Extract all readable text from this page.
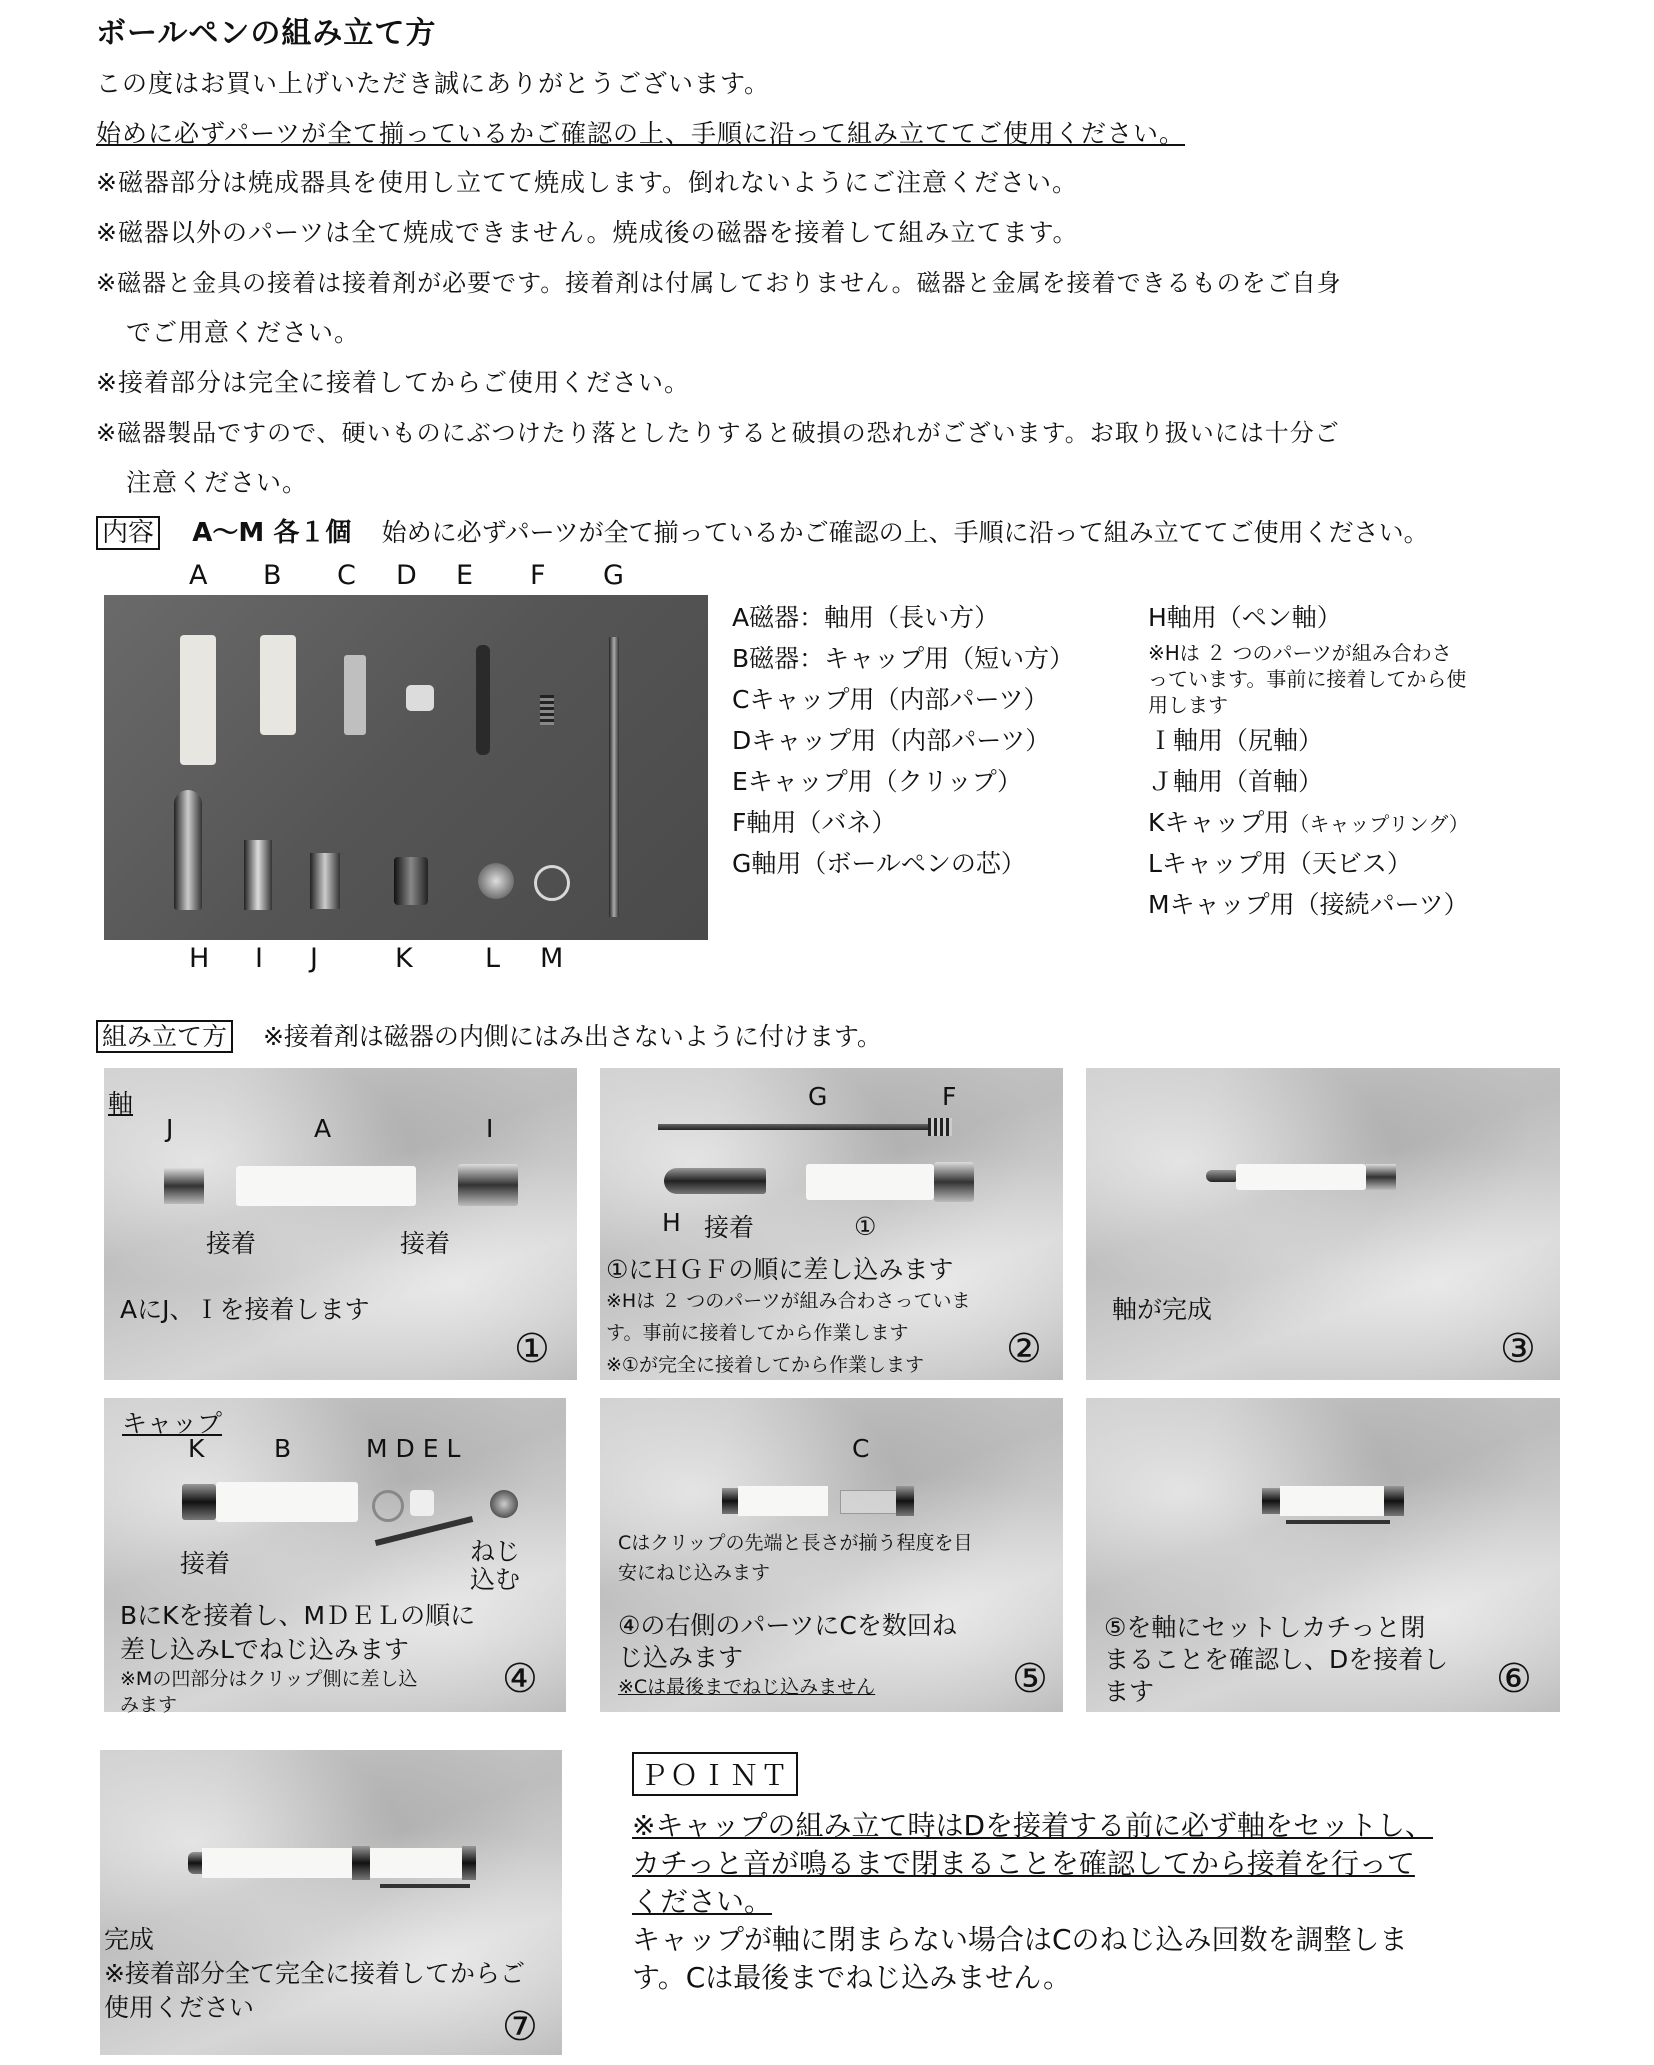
ボールペンの組み立て方
この度はお買い上げいただき誠にありがとうございます。
始めに必ずパーツが全て揃っているかご確認の上、手順に沿って組み立ててご使用ください。
※磁器部分は焼成器具を使用し立てて焼成します。倒れないようにご注意ください。
※磁器以外のパーツは全て焼成できません。焼成後の磁器を接着して組み立てます。
※磁器と金具の接着は接着剤が必要です。接着剤は付属しておりません。磁器と金属を接着できるものをご自身
でご用意ください。
※接着部分は完全に接着してからご使用ください。
※磁器製品ですので、硬いものにぶつけたり落としたりすると破損の恐れがございます。お取り扱いには十分ご
注意ください。
内容 A～M 各１個 始めに必ずパーツが全て揃っているかご確認の上、手順に沿って組み立ててご使用ください。
A B C D E F G
H I J	K	L M
A磁器：軸用（長い方）
B磁器：キャップ用（短い方）
Cキャップ用（内部パーツ）
Dキャップ用（内部パーツ）
Eキャップ用（クリップ）
F軸用（バネ）
G軸用（ボールペンの芯）
H軸用（ペン軸）
※Hは ２ つのパーツが組み合わさ
っています。事前に接着してから使
用します
Ｉ軸用（尻軸）
Ｊ軸用（首軸）
Kキャップ用（キャップリング）
Lキャップ用（天ビス）
Mキャップ用（接続パーツ）
組み立て方 ※接着剤は磁器の内側にはみ出さないように付けます。
軸
J	A	I
接着	接着
AにJ、Ｉを接着します
①
G	F
H 接着	①
①にＨＧＦの順に差し込みます
※Hは ２ つのパーツが組み合わさっていま
す。事前に接着してから作業します
※①が完全に接着してから作業します ②
軸が完成
③
キャップ
K	B	M D E L
接着	ねじ
込む
BにKを接着し、MＤＥＬの順に
差し込みLでねじ込みます
※Mの凹部分はクリップ側に差し込
みます
④
C
Cはクリップの先端と長さが揃う程度を目
安にねじ込みます
④の右側のパーツにCを数回ね
じ込みます
※Cは最後までねじ込みません	⑤
⑤を軸にセットしカチっと閉
まることを確認し、Dを接着し
ます	⑥
完成
※接着部分全て完全に接着してからご
使用ください	⑦
ＰＯＩＮＴ
※キャップの組み立て時はDを接着する前に必ず軸をセットし、
カチっと音が鳴るまで閉まることを確認してから接着を行って
ください。
キャップが軸に閉まらない場合はCのねじ込み回数を調整しま
す。Cは最後までねじ込みません。
